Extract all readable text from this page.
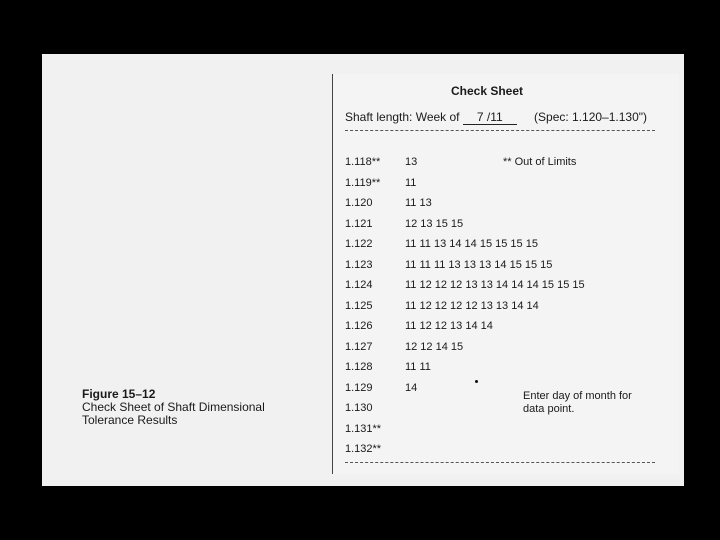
Check Sheet
Shaft length: Week of 7 /11	(Spec: 1.120–1.130")
1.118** 13
1.119** 11
1.120	11 13
1.121	12 13 15 15
1.122	11 11 13 14 14 15 15 15 15
1.123	11 11 11 13 13 13 14 15 15 15
1.124	11 12 12 12 13 13 14 14 14 15 15 15
1.125	11 12 12 12 12 13 13 14 14
1.126	11 12 12 13 14 14
1.127	12 12 14 15
1.128	11 11
1.129	14
1.130
1.131**
1.132**
** Out of Limits
Enter day of month for
data point.
Figure 15–12
Check Sheet of Shaft Dimensional
Tolerance Results
